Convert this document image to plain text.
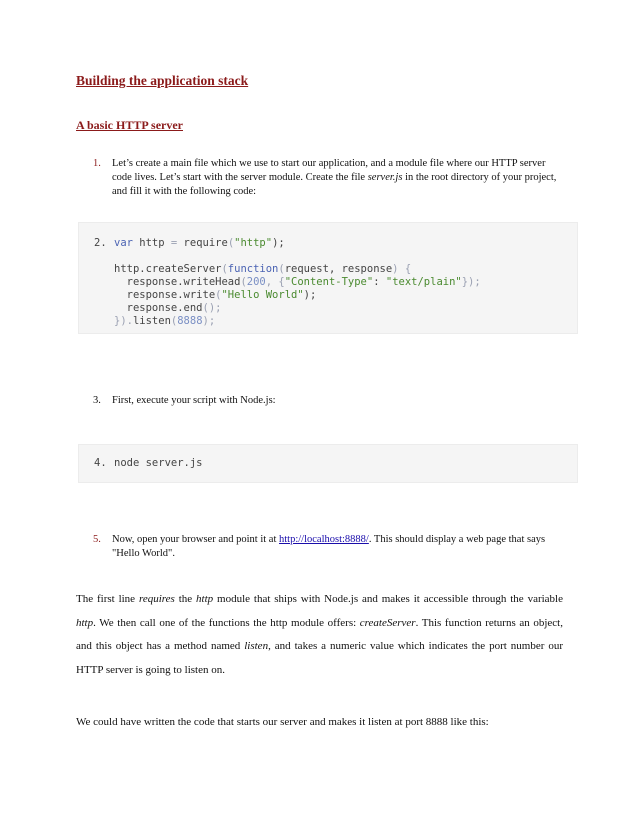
Building the application stack
A basic HTTP server
1.	Let’s create a main file which we use to start our application, and a module file where our HTTP server code lives. Let’s start with the server module. Create the file server.js in the root directory of your project, and fill it with the following code:
2. var http = require("http");
http.createServer(function(request, response) {
response.writeHead(200, {"Content-Type": "text/plain"});
response.write("Hello World");
response.end();
}).listen(8888);
3.	First, execute your script with Node.js:
4. node server.js
5.	Now, open your browser and point it at http://localhost:8888/. This should display a web page that says "Hello World".

The first line requires the http module that ships with Node.js and makes it accessible through the variable http. We then call one of the functions the http module offers: createServer. This function returns an object, and this object has a method named listen, and takes a numeric value which indicates the port number our HTTP server is going to listen on.

We could have written the code that starts our server and makes it listen at port 8888 like this:
